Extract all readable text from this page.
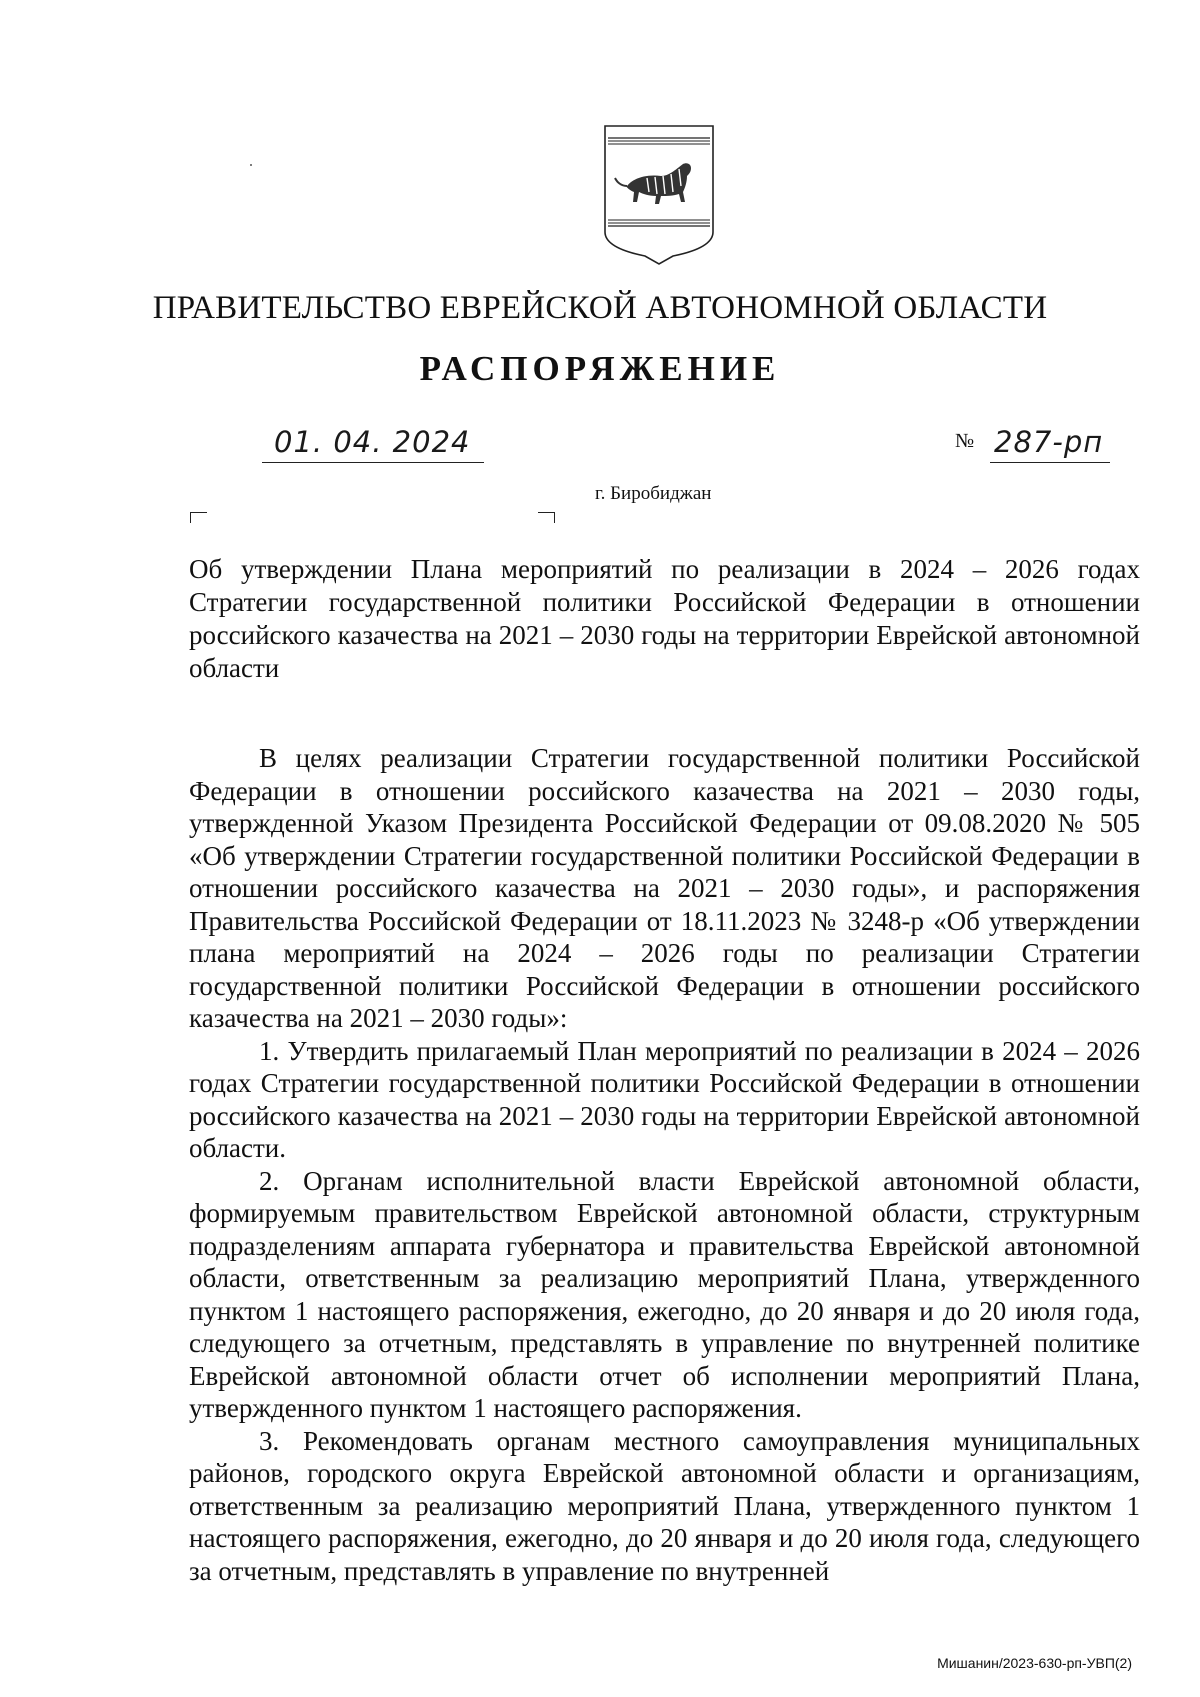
ПРАВИТЕЛЬСТВО ЕВРЕЙСКОЙ АВТОНОМНОЙ ОБЛАСТИ
РАСПОРЯЖЕНИЕ
01. 04. 2024	№ 287-рп
г. Биробиджан
Об утверждении Плана мероприятий по реализации в 2024 – 2026 годах Стратегии государственной политики Российской Федерации в отношении российского казачества на 2021 – 2030 годы на территории Еврейской автономной области

В целях реализации Стратегии государственной политики Российской Федерации в отношении российского казачества на 2021 – 2030 годы, утвержденной Указом Президента Российской Федерации от 09.08.2020 № 505 «Об утверждении Стратегии государственной политики Российской Федерации в отношении российского казачества на 2021 – 2030 годы», и распоряжения Правительства Российской Федерации от 18.11.2023 № 3248-р «Об утверждении плана мероприятий на 2024 – 2026 годы по реализации Стратегии государственной политики Российской Федерации в отношении российского казачества на 2021 – 2030 годы»:

1. Утвердить прилагаемый План мероприятий по реализации в 2024 – 2026 годах Стратегии государственной политики Российской Федерации в отношении российского казачества на 2021 – 2030 годы на территории Еврейской автономной области.

2. Органам исполнительной власти Еврейской автономной области, формируемым правительством Еврейской автономной области, структурным подразделениям аппарата губернатора и правительства Еврейской автономной области, ответственным за реализацию мероприятий Плана, утвержденного пунктом 1 настоящего распоряжения, ежегодно, до 20 января и до 20 июля года, следующего за отчетным, представлять в управление по внутренней политике Еврейской автономной области отчет об исполнении мероприятий Плана, утвержденного пунктом 1 настоящего распоряжения.

3. Рекомендовать органам местного самоуправления муниципальных районов, городского округа Еврейской автономной области и организациям, ответственным за реализацию мероприятий Плана, утвержденного пунктом 1 настоящего распоряжения, ежегодно, до 20 января и до 20 июля года, следующего за отчетным, представлять в управление по внутренней

Мишанин/2023-630-рп-УВП(2)
